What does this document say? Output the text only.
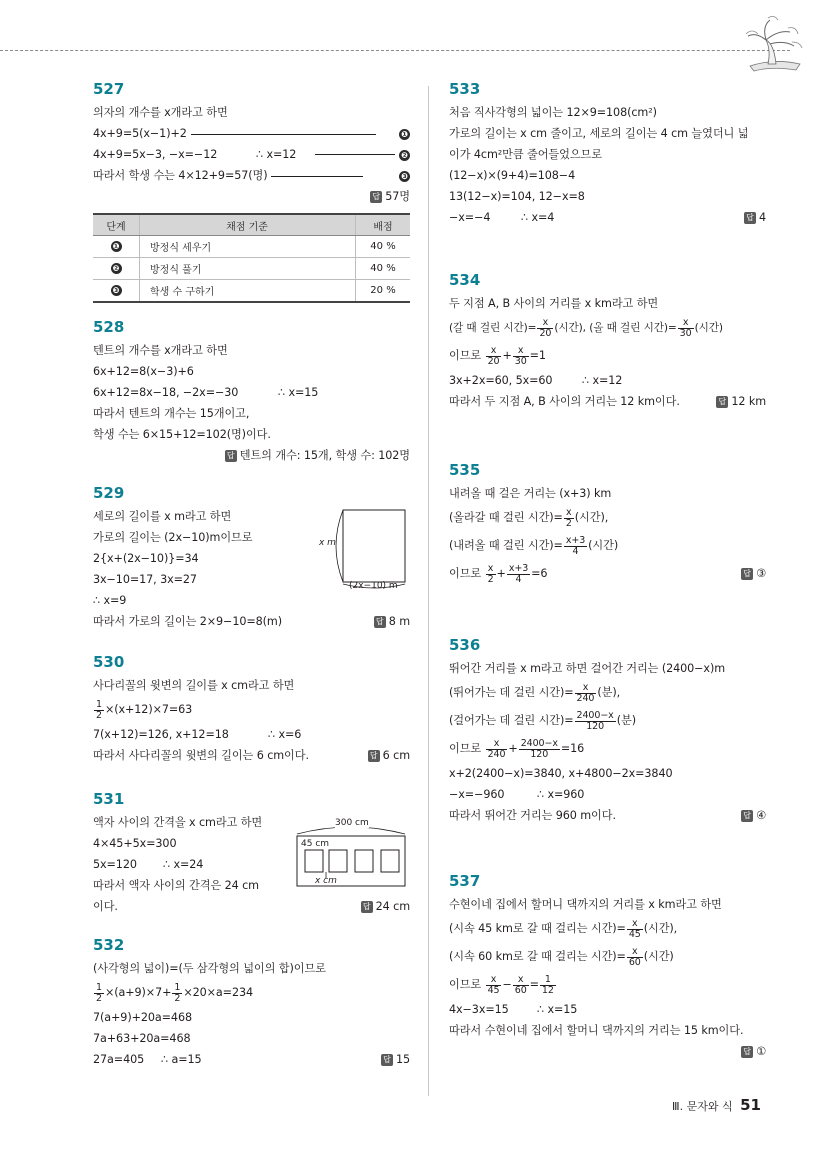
527
의자의 개수를 x개라고 하면
4x+9=5(x−1)+2	❶
4x+9=5x−3, −x=−12	∴ x=12	❷
따라서 학생 수는 4×12+9=57(명)	❸
답 57명
단계	채점 기준	배점
❶	방정식 세우기	40 %
❷	방정식 풀기	40 %
❸	학생 수 구하기	20 %
528
텐트의 개수를 x개라고 하면
6x+12=8(x−3)+6
6x+12=8x−18, −2x=−30	∴ x=15
따라서 텐트의 개수는 15개이고,
학생 수는 6×15+12=102(명)이다.
답 텐트의 개수: 15개, 학생 수: 102명
529
세로의 길이를 x m라고 하면
가로의 길이는 (2x−10)m이므로
2{x+(2x−10)}=34
3x−10=17, 3x=27
∴ x=9
따라서 가로의 길이는 2×9−10=8(m)	답 8 m
x m
(2x−10) m
530
사다리꼴의 윗변의 길이를 x cm라고 하면
$\frac{1}{2} \times(x+12)\times 7=63$
7(x+12)=126, x+12=18	∴ x=6
따라서 사다리꼴의 윗변의 길이는 6 cm이다.	답 6 cm
531
액자 사이의 간격을 x cm라고 하면
4×45+5x=300
5x=120 ∴ x=24
따라서 액자 사이의 간격은 24 cm
이다.	답 24 cm
300 cm
45 cm
x cm
532
(사각형의 넓이)=(두 삼각형의 넓이의 합)이므로
$\frac{1}{2} \times(a+9)\times 7+ \frac{1}{2} \times 20\times a=234$
7(a+9)+20a=468
7a+63+20a=468
27a=405 ∴ a=15	답 15
533
처음 직사각형의 넓이는 12×9=108(cm²)
가로의 길이는 x cm 줄이고, 세로의 길이는 4 cm 늘였더니 넓
이가 4cm²만큼 줄어들었으므로
(12−x)×(9+4)=108−4
13(12−x)=104, 12−x=8
−x=−4	∴ x=4	답 4
534
두 지점 A, B 사이의 거리를 x km라고 하면
(갈 때 걸린 시간)= $\frac{x}{20}$ (시간), (올 때 걸린 시간)= $\frac{x}{30}$ (시간)
이므로 $\frac{x}{20} + \frac{x}{30} =1$
3x+2x=60, 5x=60	∴ x=12
따라서 두 지점 A, B 사이의 거리는 12 km이다.	답 12 km
535
내려올 때 걸은 거리는 (x+3) km
(올라갈 때 걸린 시간)= $\frac{x}{2}$ (시간),
(내려올 때 걸린 시간)= $\frac{x+3}{4}$ (시간)
이므로 $\frac{x}{2} + \frac{x+3}{4} =6$	답 ③
536
뛰어간 거리를 x m라고 하면 걸어간 거리는 (2400−x)m
(뛰어가는 데 걸린 시간)= $\frac{x}{240}$ (분),
(걸어가는 데 걸린 시간)= $\frac{2400-x}{120}$ (분)
이므로 $\frac{x}{240} + \frac{2400-x}{120} =16$
x+2(2400−x)=3840, x+4800−2x=3840
−x=−960	∴ x=960
따라서 뛰어간 거리는 960 m이다.	답 ④
537
수현이네 집에서 할머니 댁까지의 거리를 x km라고 하면
(시속 45 km로 갈 때 걸리는 시간)= $\frac{x}{45}$ (시간),
(시속 60 km로 갈 때 걸리는 시간)= $\frac{x}{60}$ (시간)
이므로 $\frac{x}{45} - \frac{x}{60} = \frac{1}{12}$
4x−3x=15	∴ x=15
따라서 수현이네 집에서 할머니 댁까지의 거리는 15 km이다.
답 ①
Ⅲ. 문자와 식 51
